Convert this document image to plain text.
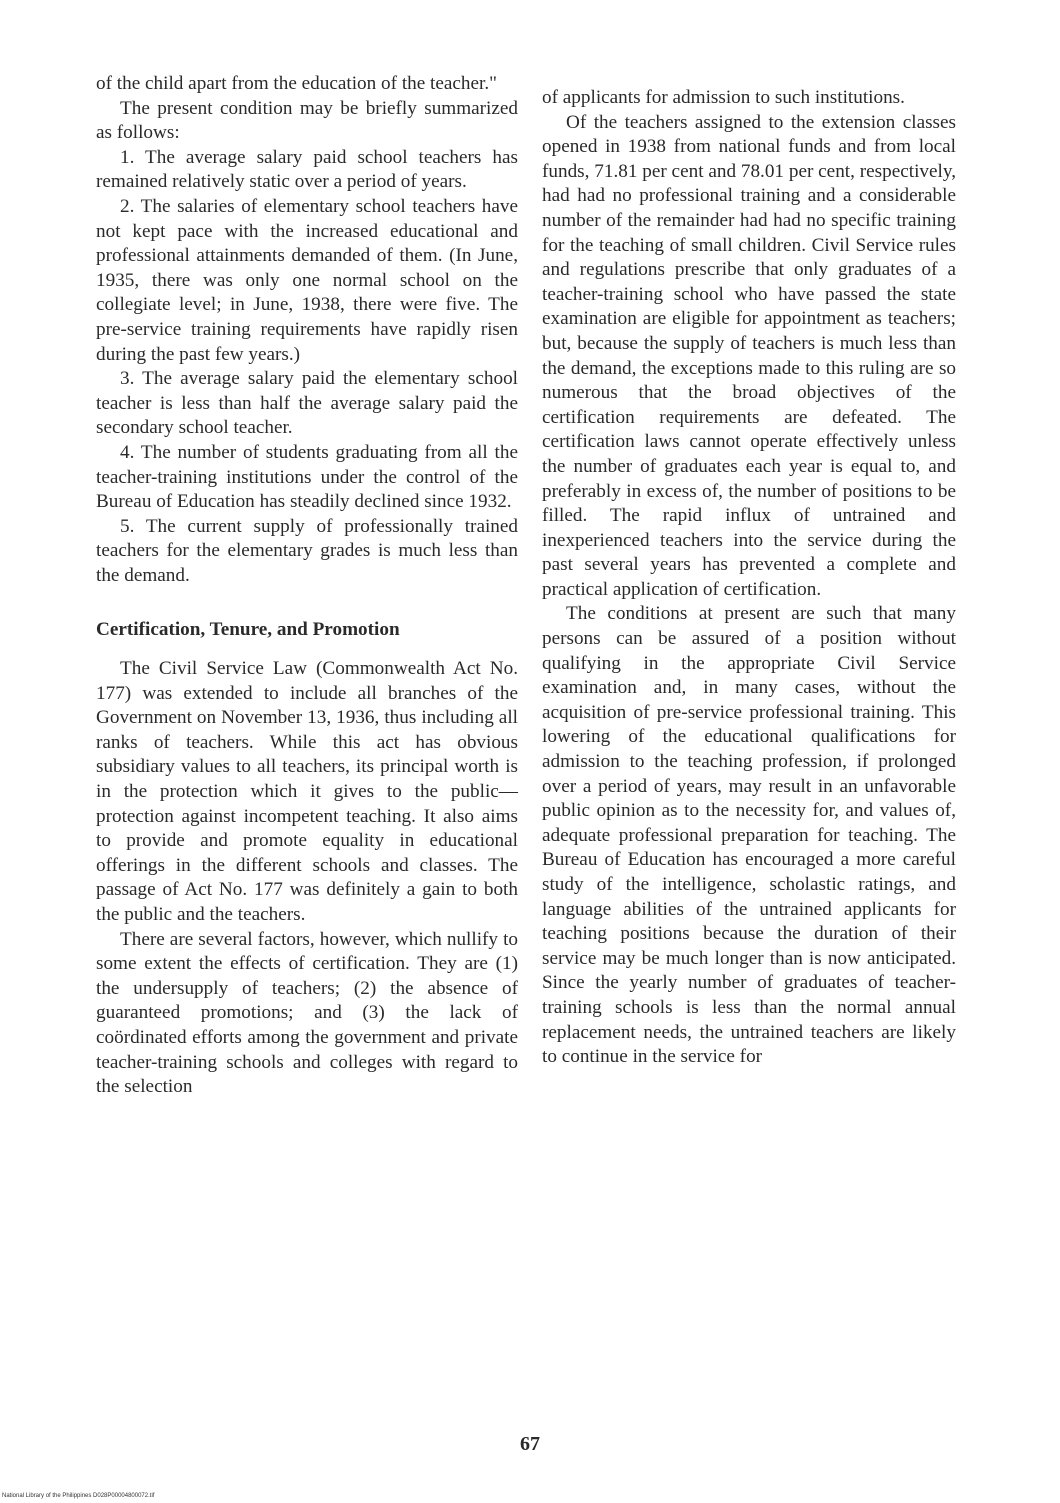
of the child apart from the education of the teacher."

The present condition may be briefly summarized as follows:

1. The average salary paid school teachers has remained relatively static over a period of years.

2. The salaries of elementary school teachers have not kept pace with the increased educational and professional attainments demanded of them. (In June, 1935, there was only one normal school on the collegiate level; in June, 1938, there were five. The pre-service training requirements have rapidly risen during the past few years.)

3. The average salary paid the elementary school teacher is less than half the average salary paid the secondary school teacher.

4. The number of students graduating from all the teacher-training institutions under the control of the Bureau of Education has steadily declined since 1932.

5. The current supply of professionally trained teachers for the elementary grades is much less than the demand.

Certification, Tenure, and Promotion

The Civil Service Law (Commonwealth Act No. 177) was extended to include all branches of the Government on November 13, 1936, thus including all ranks of teachers. While this act has obvious subsidiary values to all teachers, its principal worth is in the protection which it gives to the public—protection against incompetent teaching. It also aims to provide and promote equality in educational offerings in the different schools and classes. The passage of Act No. 177 was definitely a gain to both the public and the teachers.

There are several factors, however, which nullify to some extent the effects of certification. They are (1) the undersupply of teachers; (2) the absence of guaranteed promotions; and (3) the lack of coördinated efforts among the government and private teacher-training schools and colleges with regard to the selection

of applicants for admission to such institutions.

Of the teachers assigned to the extension classes opened in 1938 from national funds and from local funds, 71.81 per cent and 78.01 per cent, respectively, had had no professional training and a considerable number of the remainder had had no specific training for the teaching of small children. Civil Service rules and regulations prescribe that only graduates of a teacher-training school who have passed the state examination are eligible for appointment as teachers; but, because the supply of teachers is much less than the demand, the exceptions made to this ruling are so numerous that the broad objectives of the certification requirements are defeated. The certification laws cannot operate effectively unless the number of graduates each year is equal to, and preferably in excess of, the number of positions to be filled. The rapid influx of untrained and inexperienced teachers into the service during the past several years has prevented a complete and practical application of certification.

The conditions at present are such that many persons can be assured of a position without qualifying in the appropriate Civil Service examination and, in many cases, without the acquisition of pre-service professional training. This lowering of the educational qualifications for admission to the teaching profession, if prolonged over a period of years, may result in an unfavorable public opinion as to the necessity for, and values of, adequate professional preparation for teaching. The Bureau of Education has encouraged a more careful study of the intelligence, scholastic ratings, and language abilities of the untrained applicants for teaching positions because the duration of their service may be much longer than is now anticipated. Since the yearly number of graduates of teacher-training schools is less than the normal annual replacement needs, the untrained teachers are likely to continue in the service for

67
National Library of the Philippines D028P00004800072.tif
